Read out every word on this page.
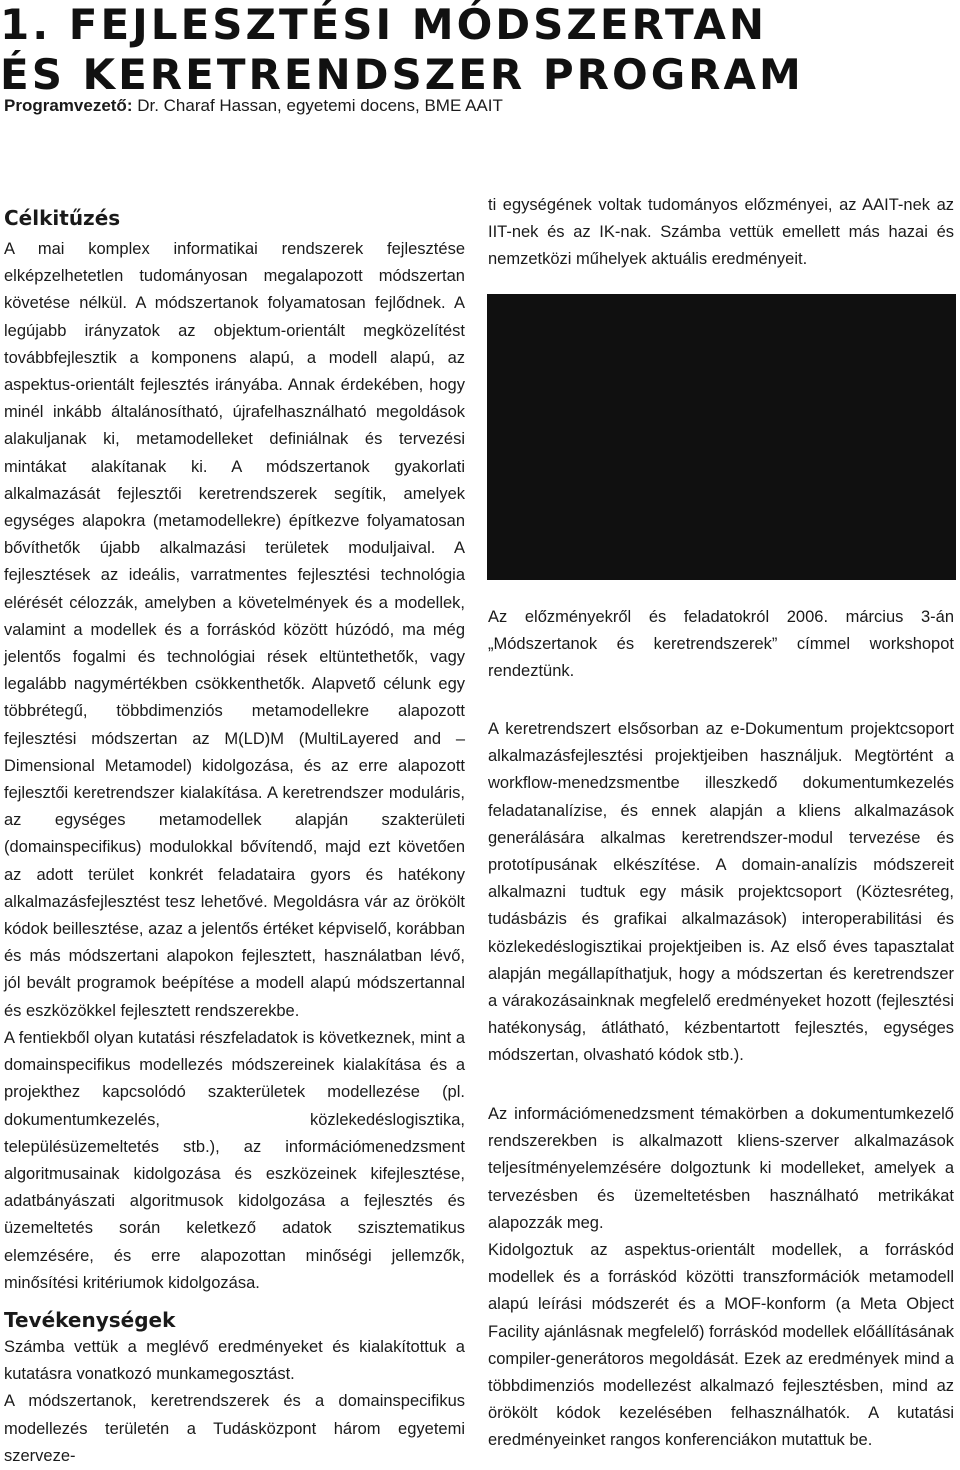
1. FEJLESZTÉSI MÓDSZERTAN
ÉS KERETRENDSZER PROGRAM
Programvezető: Dr. Charaf Hassan, egyetemi docens, BME AAIT
Célkitűzés

A mai komplex informatikai rendszerek fejlesztése elképzelhetetlen tudományosan megalapozott módszertan követése nélkül. A módszertanok folyamatosan fejlődnek. A legújabb irányzatok az objektum-orientált megközelítést továbbfejlesztik a komponens alapú, a modell alapú, az aspektus-orientált fejlesztés irányába. Annak érdekében, hogy minél inkább általánosítható, újrafelhasználható megoldások alakuljanak ki, metamodelleket definiálnak és tervezési mintákat alakítanak ki. A módszertanok gyakorlati alkalmazását fejlesztői keretrendszerek segítik, amelyek egységes alapokra (metamodellekre) építkezve folyamatosan bővíthetők újabb alkalmazási területek moduljaival. A fejlesztések az ideális, varratmentes fejlesztési technológia elérését célozzák, amelyben a követelmények és a modellek, valamint a modellek és a forráskód között húzódó, ma még jelentős fogalmi és technológiai rések eltüntethetők, vagy legalább nagymértékben csökkenthetők. Alapvető célunk egy többrétegű, többdimenziós metamodellekre alapozott fejlesztési módszertan az M(LD)M (MultiLayered and –Dimensional Metamodel) kidolgozása, és az erre alapozott fejlesztői keretrendszer kialakítása. A keretrendszer moduláris, az egységes metamodellek alapján szakterületi (domainspecifikus) modulokkal bővítendő, majd ezt követően az adott terület konkrét feladataira gyors és hatékony alkalmazásfejlesztést tesz lehetővé. Megoldásra vár az örökölt kódok beillesztése, azaz a jelentős értéket képviselő, korábban és más módszertani alapokon fejlesztett, használatban lévő, jól bevált programok beépítése a modell alapú módszertannal és eszközökkel fejlesztett rendszerekbe.

A fentiekből olyan kutatási részfeladatok is következnek, mint a domainspecifikus modellezés módszereinek kialakítása és a projekthez kapcsolódó szakterületek modellezése (pl. dokumentumkezelés, közlekedéslogisztika, településüzemeltetés stb.), az információmenedzsment algoritmusainak kidolgozása és eszközeinek kifejlesztése, adatbányászati algoritmusok kidolgozása a fejlesztés és üzemeltetés során keletkező adatok szisztematikus elemzésére, és erre alapozottan minőségi jellemzők, minősítési kritériumok kidolgozása.

Tevékenységek

Számba vettük a meglévő eredményeket és kialakítottuk a kutatásra vonatkozó munkamegosztást.

A módszertanok, keretrendszerek és a domainspecifikus modellezés területén a Tudásközpont három egyetemi szerveze-

ti egységének voltak tudományos előzményei, az AAIT-nek az IIT-nek és az IK-nak. Számba vettük emellett más hazai és nemzetközi műhelyek aktuális eredményeit.

Az előzményekről és feladatokról 2006. március 3-án „Módszertanok és keretrendszerek” címmel workshopot rendeztünk.

A keretrendszert elsősorban az e-Dokumentum projektcsoport alkalmazásfejlesztési projektjeiben használjuk. Megtörtént a workflow-menedzsmentbe illeszkedő dokumentumkezelés feladatanalízise, és ennek alapján a kliens alkalmazások generálására alkalmas keretrendszer-modul tervezése és prototípusának elkészítése. A domain-analízis módszereit alkalmazni tudtuk egy másik projektcsoport (Köztesréteg, tudásbázis és grafikai alkalmazások) interoperabilitási és közlekedéslogisztikai projektjeiben is. Az első éves tapasztalat alapján megállapíthatjuk, hogy a módszertan és keretrendszer a várakozásainknak megfelelő eredményeket hozott (fejlesztési hatékonyság, átlátható, kézbentartott fejlesztés, egységes módszertan, olvasható kódok stb.).

Az információmenedzsment témakörben a dokumentumkezelő rendszerekben is alkalmazott kliens-szerver alkalmazások teljesítményelemzésére dolgoztunk ki modelleket, amelyek a tervezésben és üzemeltetésben használható metrikákat alapozzák meg.

Kidolgoztuk az aspektus-orientált modellek, a forráskód modellek és a forráskód közötti transzformációk metamodell alapú leírási módszerét és a MOF-konform (a Meta Object Facility ajánlásnak megfelelő) forráskód modellek előállításának compiler-generátoros megoldását. Ezek az eredmények mind a többdimenziós modellezést alkalmazó fejlesztésben, mind az örökölt kódok kezelésében felhasználhatók. A kutatási eredményeinket rangos konferenciákon mutattuk be.
